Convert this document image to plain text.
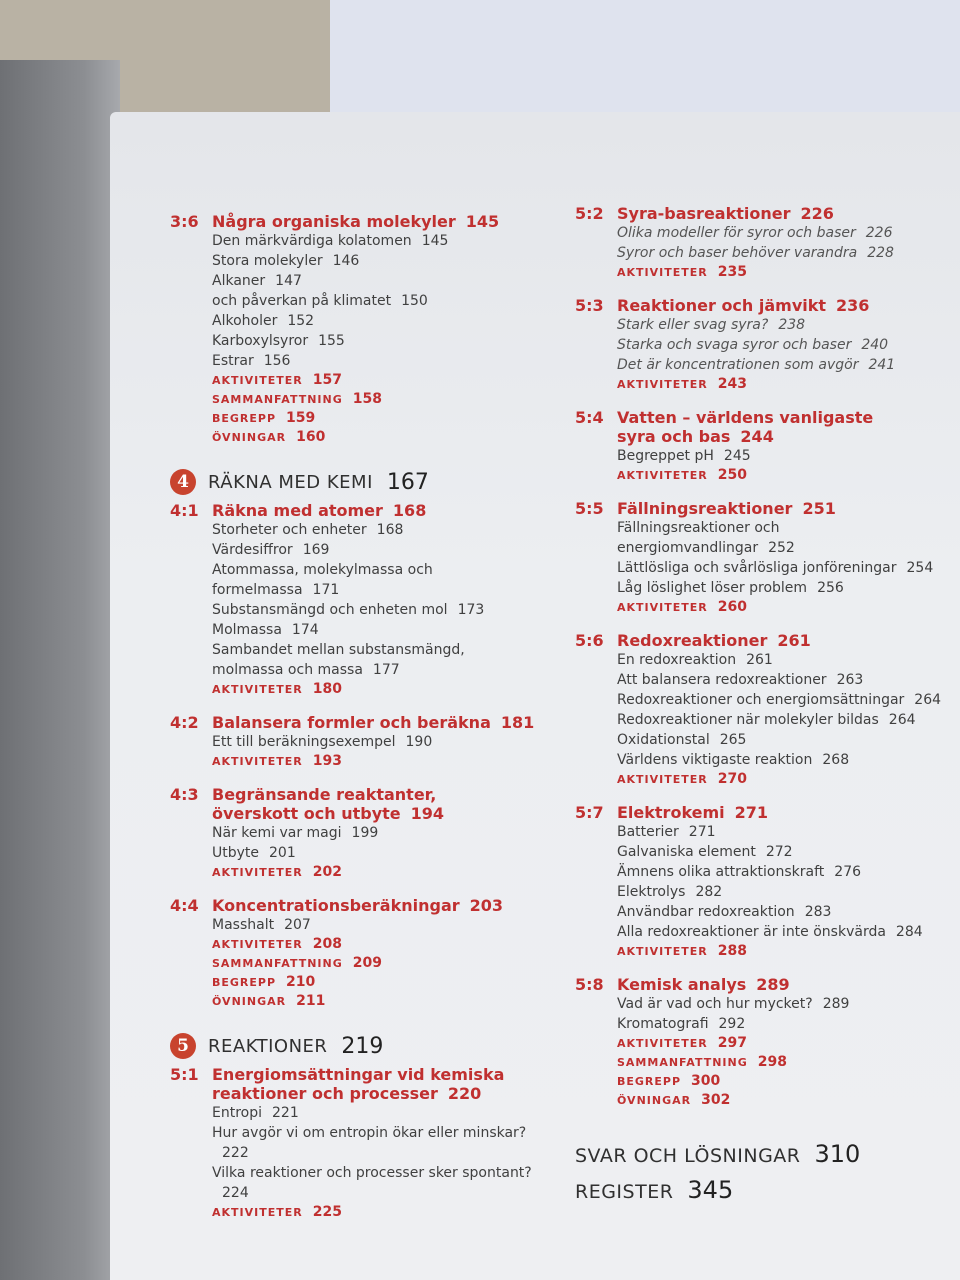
3:6 Några organiska molekyler 145
Den märkvärdiga kolatomen 145
Stora molekyler 146
Alkaner 147
och påverkan på klimatet 150
Alkoholer 152
Karboxylsyror 155
Estrar 156
AKTIVITETER 157
SAMMANFATTNING 158
BEGREPP 159
ÖVNINGAR 160
4	RÄKNA MED KEMI 167
4:1 Räkna med atomer 168
Storheter och enheter 168
Värdesiffror 169
Atommassa, molekylmassa och formelmassa 171
Substansmängd och enheten mol 173
Molmassa 174
Sambandet mellan substansmängd,
molmassa och massa 177
AKTIVITETER 180
4:2 Balansera formler och beräkna 181
Ett till beräkningsexempel 190
AKTIVITETER 193
4:3 Begränsande reaktanter,
överskott och utbyte 194
När kemi var magi 199
Utbyte 201
AKTIVITETER 202
4:4 Koncentrationsberäkningar 203
Masshalt 207
AKTIVITETER 208
SAMMANFATTNING 209
BEGREPP 210
ÖVNINGAR 211
5	REAKTIONER 219
5:1 Energiomsättningar vid kemiska
reaktioner och processer 220
Entropi 221
Hur avgör vi om entropin ökar eller minskar?222
Vilka reaktioner och processer sker spontant?224
AKTIVITETER 225
5:2 Syra-basreaktioner 226
Olika modeller för syror och baser 226
Syror och baser behöver varandra 228
AKTIVITETER 235
5:3 Reaktioner och jämvikt 236
Stark eller svag syra? 238
Starka och svaga syror och baser 240
Det är koncentrationen som avgör 241
AKTIVITETER 243
5:4 Vatten – världens vanligaste
syra och bas 244
Begreppet pH 245
AKTIVITETER 250
5:5 Fällningsreaktioner 251
Fällningsreaktioner och energiomvandlingar 252
Lättlösliga och svårlösliga jonföreningar 254
Låg löslighet löser problem 256
AKTIVITETER 260
5:6 Redoxreaktioner 261
En redoxreaktion 261
Att balansera redoxreaktioner 263
Redoxreaktioner och energiomsättningar 264
Redoxreaktioner när molekyler bildas 264
Oxidationstal 265
Världens viktigaste reaktion 268
AKTIVITETER 270
5:7 Elektrokemi 271
Batterier 271
Galvaniska element 272
Ämnens olika attraktionskraft 276
Elektrolys 282
Användbar redoxreaktion 283
Alla redoxreaktioner är inte önskvärda 284
AKTIVITETER 288
5:8 Kemisk analys 289
Vad är vad och hur mycket? 289
Kromatografi 292
AKTIVITETER 297
SAMMANFATTNING 298
BEGREPP 300
ÖVNINGAR 302
SVAR OCH LÖSNINGAR 310
REGISTER 345
